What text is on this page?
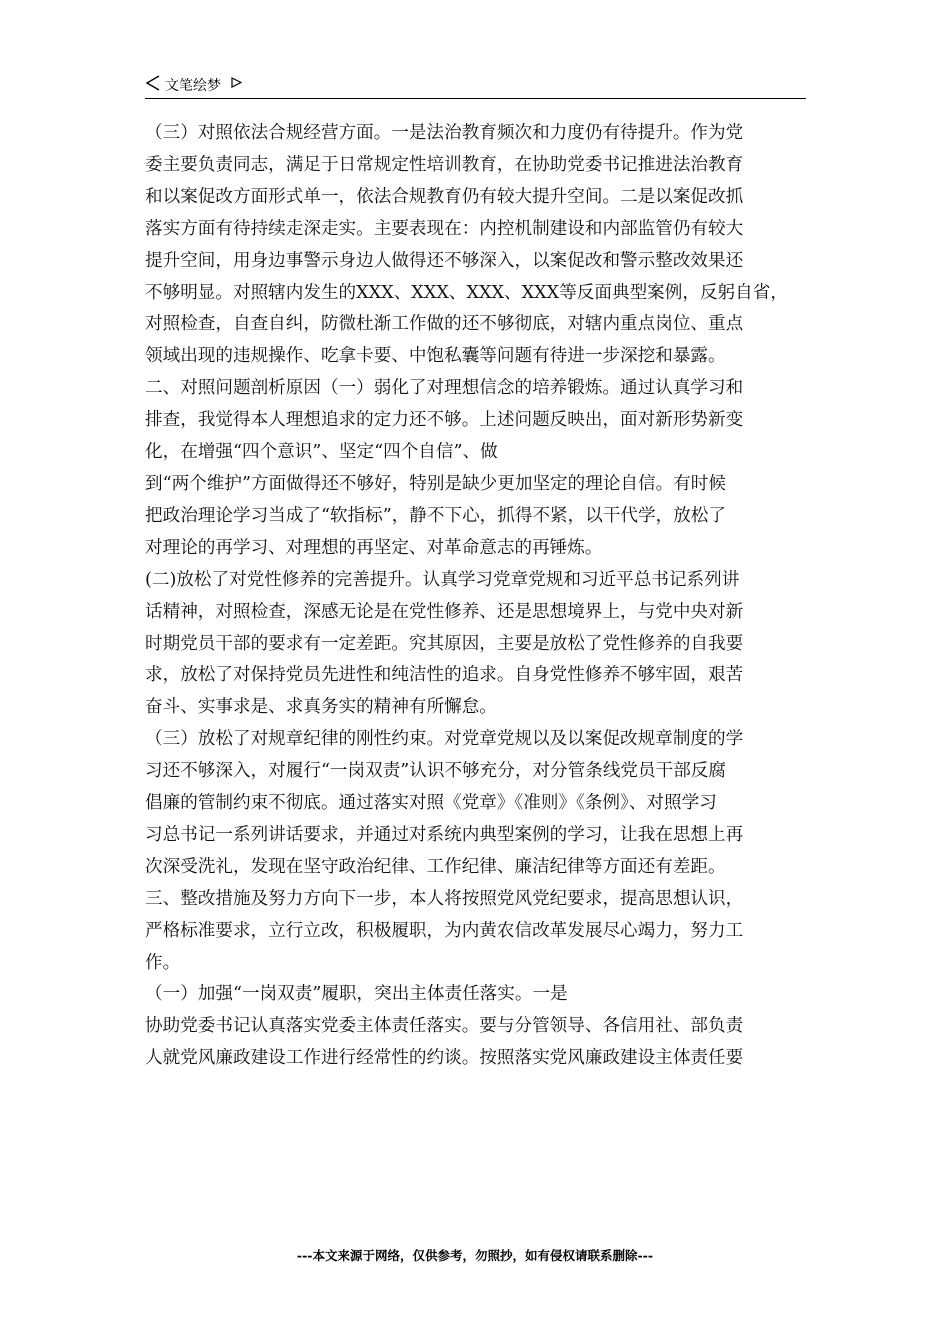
文笔绘梦

（三）对照依法合规经营方面。一是法治教育频次和力度仍有待提升。作为党

委主要负责同志，满足于日常规定性培训教育，在协助党委书记推进法治教育

和以案促改方面形式单一，依法合规教育仍有较大提升空间。二是以案促改抓

落实方面有待持续走深走实。主要表现在：内控机制建设和内部监管仍有较大

提升空间，用身边事警示身边人做得还不够深入，以案促改和警示整改效果还

不够明显。对照辖内发生的XXX、XXX、XXX、XXX等反面典型案例，反躬自省，

对照检查，自查自纠，防微杜渐工作做的还不够彻底，对辖内重点岗位、重点

领域出现的违规操作、吃拿卡要、中饱私囊等问题有待进一步深挖和暴露。

二、对照问题剖析原因（一）弱化了对理想信念的培养锻炼。通过认真学习和

排查，我觉得本人理想追求的定力还不够。上述问题反映出，面对新形势新变

化，在增强“四个意识”、坚定“四个自信”、做

到“两个维护”方面做得还不够好，特别是缺少更加坚定的理论自信。有时候

把政治理论学习当成了“软指标”，静不下心，抓得不紧，以干代学，放松了

对理论的再学习、对理想的再坚定、对革命意志的再锤炼。

(二)放松了对党性修养的完善提升。认真学习党章党规和习近平总书记系列讲

话精神，对照检查，深感无论是在党性修养、还是思想境界上，与党中央对新

时期党员干部的要求有一定差距。究其原因，主要是放松了党性修养的自我要

求，放松了对保持党员先进性和纯洁性的追求。自身党性修养不够牢固，艰苦

奋斗、实事求是、求真务实的精神有所懈怠。

（三）放松了对规章纪律的刚性约束。对党章党规以及以案促改规章制度的学

习还不够深入，对履行“一岗双责”认识不够充分，对分管条线党员干部反腐

倡廉的管制约束不彻底。通过落实对照《党章》《准则》《条例》、对照学习

习总书记一系列讲话要求，并通过对系统内典型案例的学习，让我在思想上再

次深受洗礼，发现在坚守政治纪律、工作纪律、廉洁纪律等方面还有差距。

三、整改措施及努力方向下一步，本人将按照党风党纪要求，提高思想认识，

严格标准要求，立行立改，积极履职，为内黄农信改革发展尽心竭力，努力工

作。

（一）加强“一岗双责”履职，突出主体责任落实。一是

协助党委书记认真落实党委主体责任落实。要与分管领导、各信用社、部负责

人就党风廉政建设工作进行经常性的约谈。按照落实党风廉政建设主体责任要

---本文来源于网络，仅供参考，勿照抄，如有侵权请联系删除---
